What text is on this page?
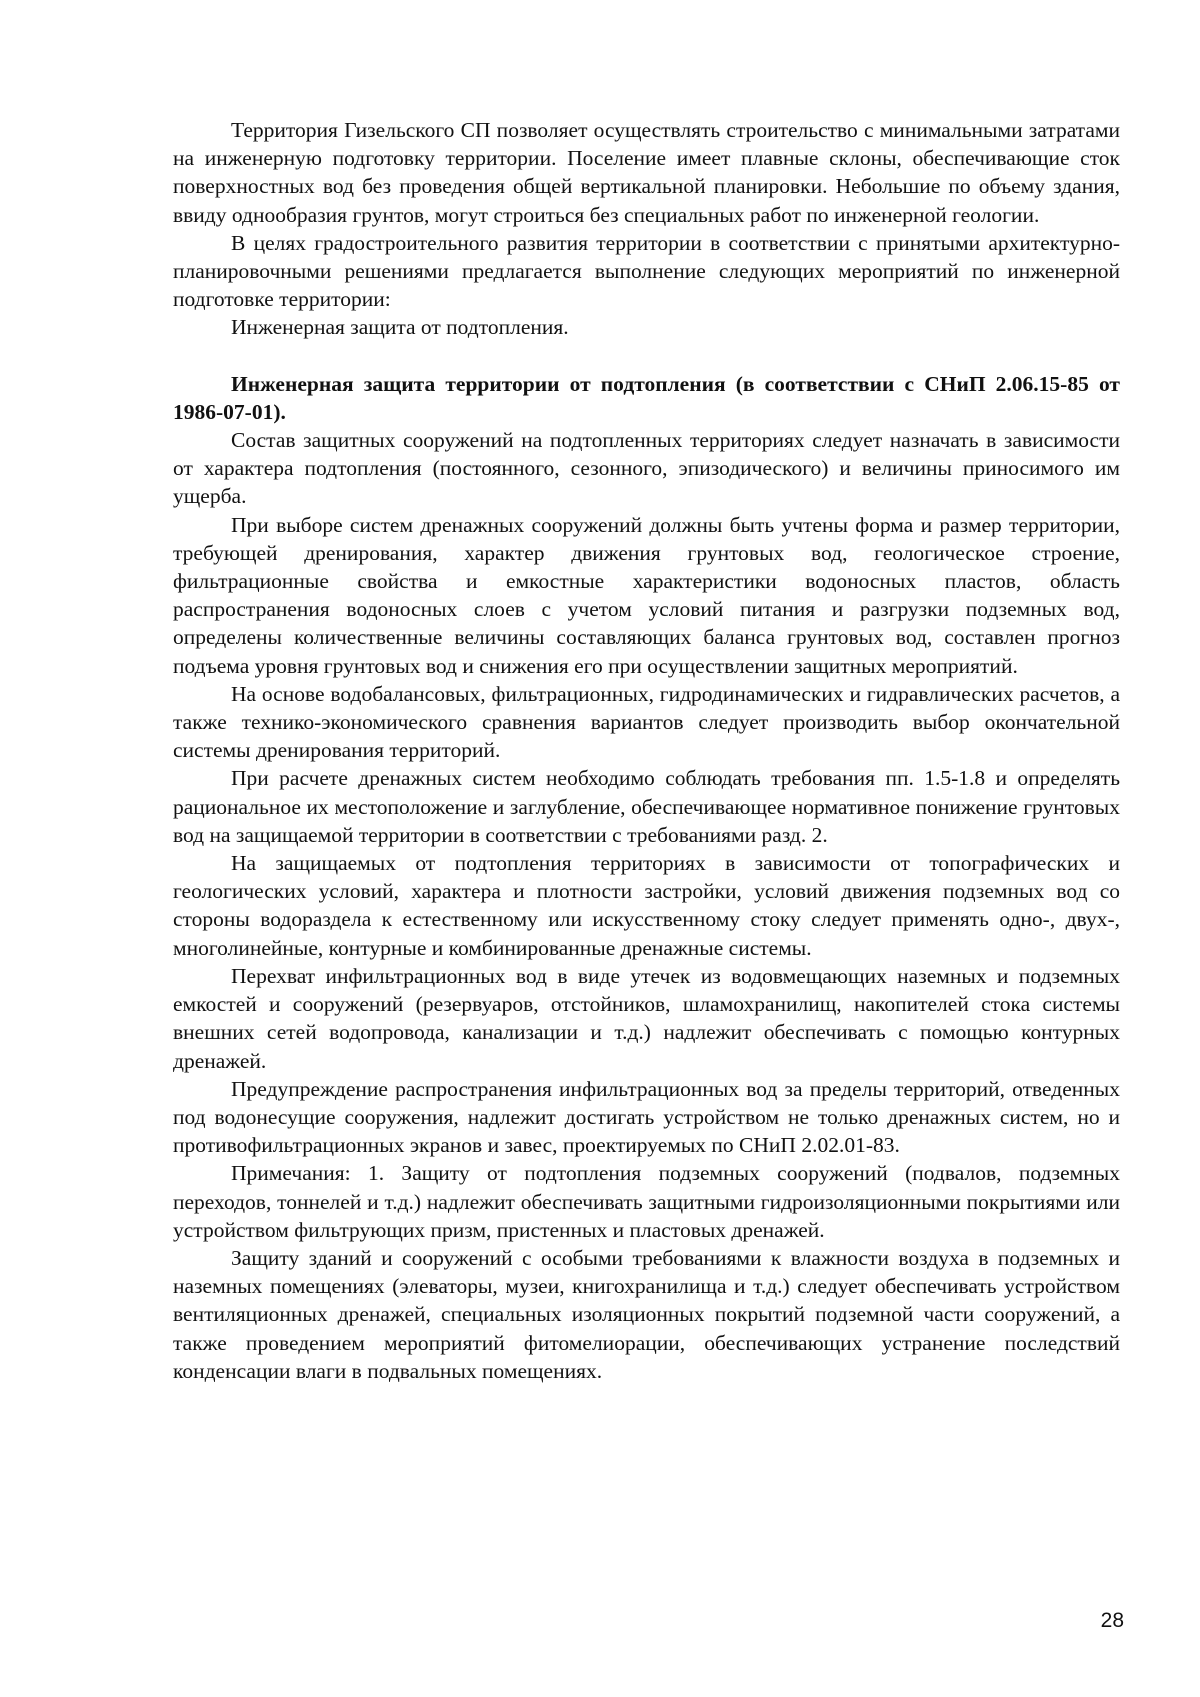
Территория Гизельского СП позволяет осуществлять строительство с минимальными затратами на инженерную подготовку территории. Поселение имеет плавные склоны, обеспечивающие сток поверхностных вод без проведения общей вертикальной планировки. Небольшие по объему здания, ввиду однообразия грунтов, могут строиться без специальных работ по инженерной геологии.

В целях градостроительного развития территории в соответствии с принятыми архитектурно-планировочными решениями предлагается выполнение следующих мероприятий по инженерной подготовке территории:

Инженерная защита от подтопления.

Инженерная защита территории от подтопления (в соответствии с СНиП 2.06.15-85 от 1986-07-01).

Состав защитных сооружений на подтопленных территориях следует назначать в зависимости от характера подтопления (постоянного, сезонного, эпизодического) и величины приносимого им ущерба.

При выборе систем дренажных сооружений должны быть учтены форма и размер территории, требующей дренирования, характер движения грунтовых вод, геологическое строение, фильтрационные свойства и емкостные характеристики водоносных пластов, область распространения водоносных слоев с учетом условий питания и разгрузки подземных вод, определены количественные величины составляющих баланса грунтовых вод, составлен прогноз подъема уровня грунтовых вод и снижения его при осуществлении защитных мероприятий.

На основе водобалансовых, фильтрационных, гидродинамических и гидравлических расчетов, а также технико-экономического сравнения вариантов следует производить выбор окончательной системы дренирования территорий.

При расчете дренажных систем необходимо соблюдать требования пп. 1.5-1.8 и определять рациональное их местоположение и заглубление, обеспечивающее нормативное понижение грунтовых вод на защищаемой территории в соответствии с требованиями разд. 2.

На защищаемых от подтопления территориях в зависимости от топографических и геологических условий, характера и плотности застройки, условий движения подземных вод со стороны водораздела к естественному или искусственному стоку следует применять одно-, двух-, многолинейные, контурные и комбинированные дренажные системы.

Перехват инфильтрационных вод в виде утечек из водовмещающих наземных и подземных емкостей и сооружений (резервуаров, отстойников, шламохранилищ, накопителей стока системы внешних сетей водопровода, канализации и т.д.) надлежит обеспечивать с помощью контурных дренажей.

Предупреждение распространения инфильтрационных вод за пределы территорий, отведенных под водонесущие сооружения, надлежит достигать устройством не только дренажных систем, но и противофильтрационных экранов и завес, проектируемых по СНиП 2.02.01-83.

Примечания: 1. Защиту от подтопления подземных сооружений (подвалов, подземных переходов, тоннелей и т.д.) надлежит обеспечивать защитными гидроизоляционными покрытиями или устройством фильтрующих призм, пристенных и пластовых дренажей.

Защиту зданий и сооружений с особыми требованиями к влажности воздуха в подземных и наземных помещениях (элеваторы, музеи, книгохранилища и т.д.) следует обеспечивать устройством вентиляционных дренажей, специальных изоляционных покрытий подземной части сооружений, а также проведением мероприятий фитомелиорации, обеспечивающих устранение последствий конденсации влаги в подвальных помещениях.

28
